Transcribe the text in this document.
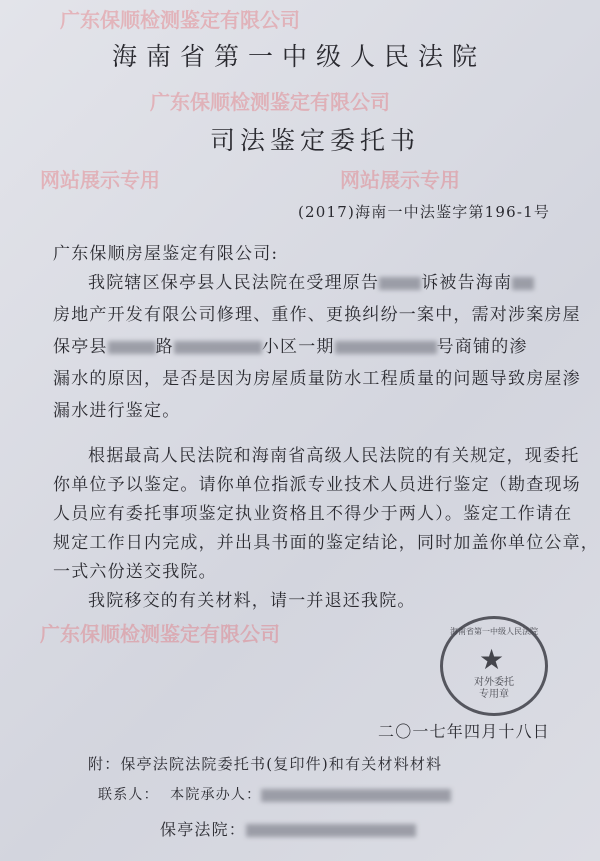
海南省第一中级人民法院
司法鉴定委托书
(2017)海南一中法鉴字第196-1号
广东保顺房屋鉴定有限公司:
我院辖区保亭县人民法院在受理原告 诉被告海南
房地产开发有限公司修理、重作、更换纠纷一案中，需对涉案房屋
保亭县	路	小区一期	号商铺的渗
漏水的原因，是否是因为房屋质量防水工程质量的问题导致房屋渗
漏水进行鉴定。
根据最高人民法院和海南省高级人民法院的有关规定，现委托
你单位予以鉴定。请你单位指派专业技术人员进行鉴定（勘查现场
人员应有委托事项鉴定执业资格且不得少于两人）。鉴定工作请在
规定工作日内完成，并出具书面的鉴定结论，同时加盖你单位公章，
一式六份送交我院。
我院移交的有关材料，请一并退还我院。
海南省第一中级人民法院
★
对外委托
专用章
二〇一七年四月十八日
附：保亭法院法院委托书(复印件)和有关材料材料
联系人： 本院承办人：
保亭法院：
广东保顺检测鉴定有限公司
广东保顺检测鉴定有限公司
网站展示专用	网站展示专用
广东保顺检测鉴定有限公司
